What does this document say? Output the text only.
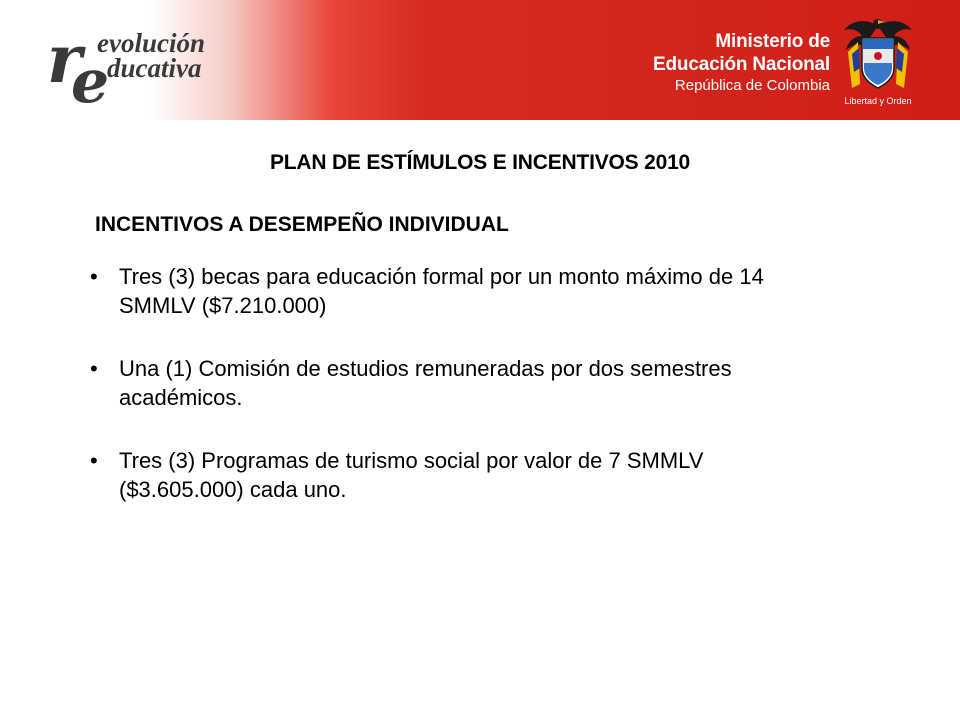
r
e
evolución
ducativa
Ministerio de
Educación Nacional
República de Colombia
Libertad y Orden
PLAN DE ESTÍMULOS E INCENTIVOS 2010
INCENTIVOS A DESEMPEÑO INDIVIDUAL
• Tres (3) becas para educación formal por un monto máximo de 14 SMMLV ($7.210.000)
• Una (1) Comisión de estudios remuneradas por dos semestres académicos.
• Tres (3) Programas de turismo social por valor de 7 SMMLV ($3.605.000) cada uno.
